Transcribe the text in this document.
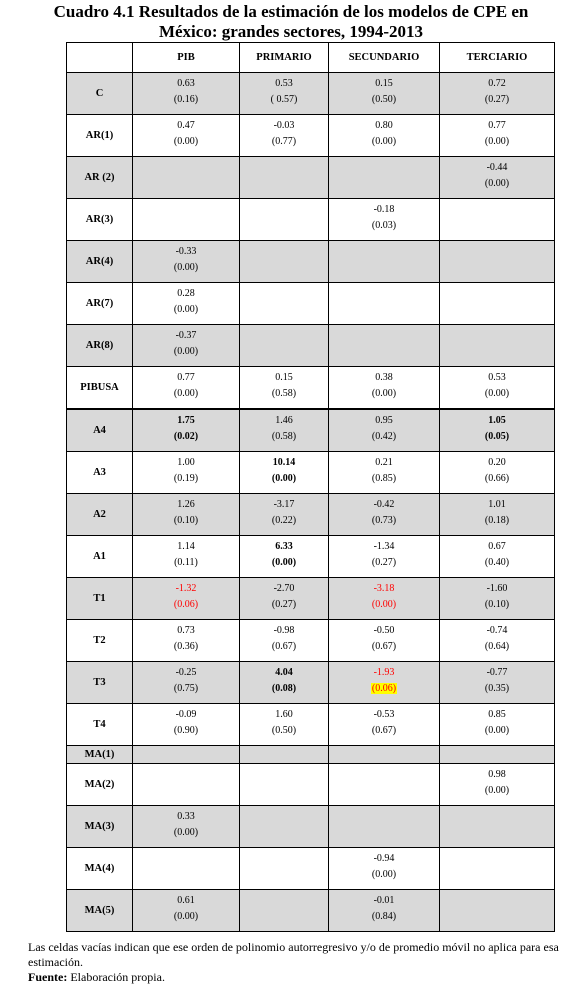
Cuadro 4.1 Resultados de la estimación de los modelos de CPE en
México: grandes sectores, 1994-2013
	PIB	PRIMARIO	SECUNDARIO	TERCIARIO
C	0.63
(0.16)	0.53
( 0.57)	0.15
(0.50)	0.72
(0.27)

AR(1)	0.47
(0.00)	-0.03
(0.77)	0.80
(0.00)	0.77
(0.00)

AR (2)				-0.44
(0.00)

AR(3)			-0.18
(0.03)	

AR(4)	-0.33
(0.00)			

AR(7)	0.28
(0.00)			

AR(8)	-0.37
(0.00)			

PIBUSA	0.77
(0.00)	0.15
(0.58)	0.38
(0.00)	0.53
(0.00)

A4	1.75
(0.02)	1.46
(0.58)	0.95
(0.42)	1.05
(0.05)

A3	1.00
(0.19)	10.14
(0.00)	0.21
(0.85)	0.20
(0.66)

A2	1.26
(0.10)	-3.17
(0.22)	-0.42
(0.73)	1.01
(0.18)

A1	1.14
(0.11)	6.33
(0.00)	-1.34
(0.27)	0.67
(0.40)

T1	-1.32
(0.06)	-2.70
(0.27)	-3.18
(0.00)	-1.60
(0.10)

T2	0.73
(0.36)	-0.98
(0.67)	-0.50
(0.67)	-0.74
(0.64)

T3	-0.25
(0.75)	4.04
(0.08)	-1.93
(0.06)	-0.77
(0.35)

T4	-0.09
(0.90)	1.60
(0.50)	-0.53
(0.67)	0.85
(0.00)

MA(1)				
MA(2)				0.98
(0.00)

MA(3)	0.33
(0.00)			

MA(4)			-0.94
(0.00)	

MA(5)	0.61
(0.00)		-0.01
(0.84)	

Las celdas vacías indican que ese orden de polinomio autorregresivo y/o de promedio móvil no aplica para esa estimación.
Fuente: Elaboración propia.
